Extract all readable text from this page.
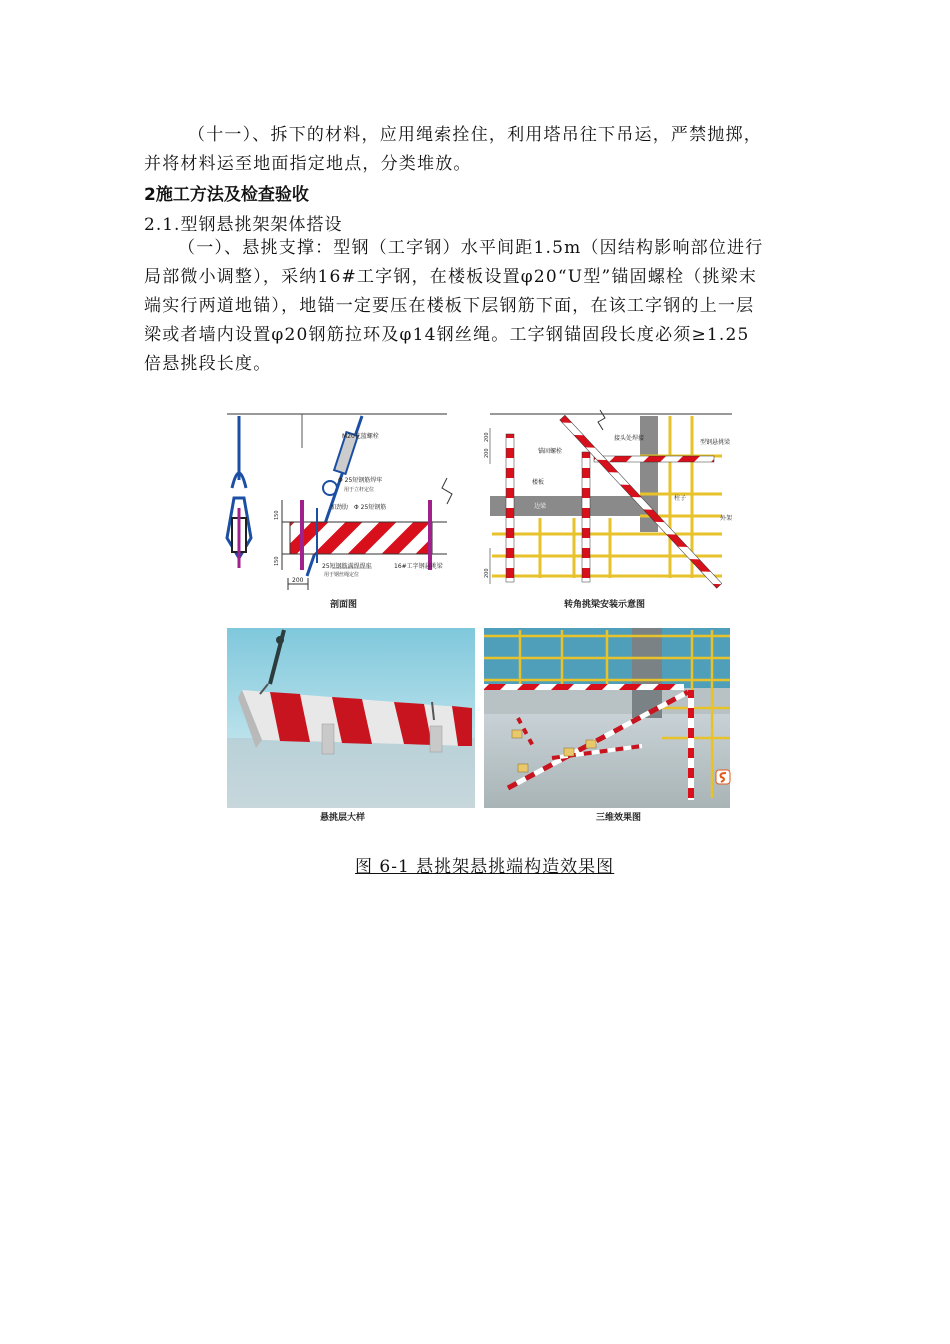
（十一）、拆下的材料，应用绳索拴住，利用塔吊往下吊运，严禁抛掷，
并将材料运至地面指定地点，分类堆放。
2施工方法及检查验收
2.1.型钢悬挑架架体搭设
（一）、悬挑支撑：型钢（工字钢）水平间距1.5m（因结构影响部位进行
局部微小调整），采纳16#工字钢，在楼板设置φ20“U型”锚固螺栓（挑梁末
端实行两道地锚），地锚一定要压在楼板下层钢筋下面，在该工字钢的上一层
梁或者墙内设置φ20钢筋拉环及φ14钢丝绳。工字钢锚固段长度必须≥1.25
倍悬挑段长度。
M20花篮螺栓
Φ 25短钢筋焊牢
用于立杆定位
加劲肋 Φ 25短钢筋
25短钢筋满焊焊牢
用于钢丝绳定位
16#工字钢悬挑梁
150
150
200
剖面图
锚固螺栓
接头处焊接
型钢悬挑梁
楼板
柱子
边梁
外架
200
200
200
转角挑梁安装示意图
悬挑层大样	三维效果图
图 6-1 悬挑架悬挑端构造效果图
